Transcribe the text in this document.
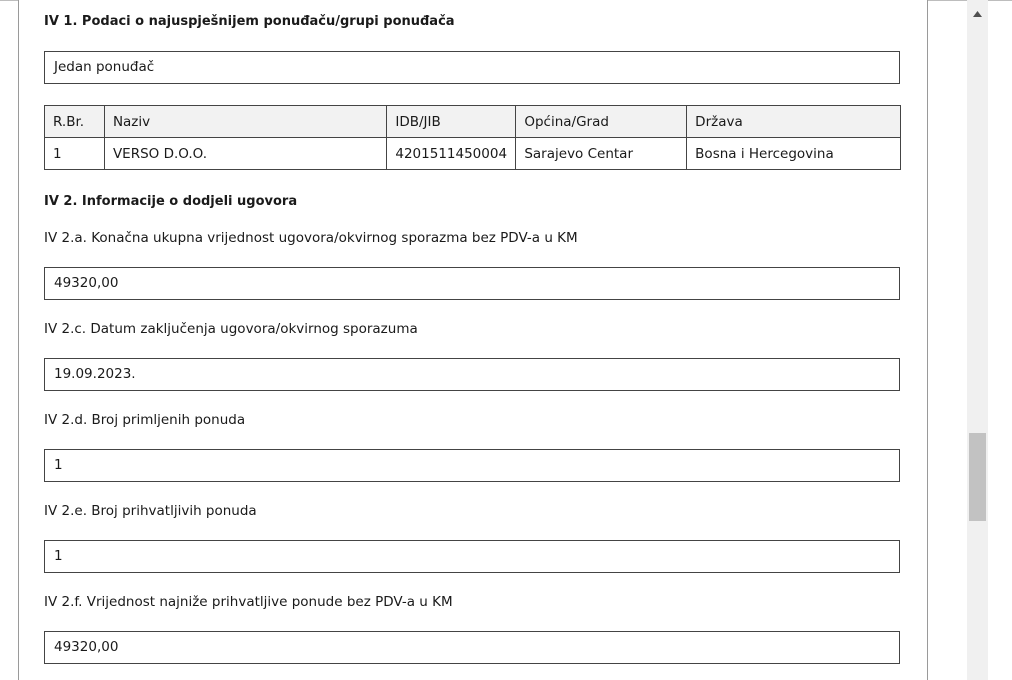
IV 1. Podaci o najuspješnijem ponuđaču/grupi ponuđača
Jedan ponuđač
R.Br.	Naziv	IDB/JIB	Općina/Grad	Država
1	VERSO D.O.O.	4201511450004	Sarajevo Centar	Bosna i Hercegovina
IV 2. Informacije o dodjeli ugovora
IV 2.a. Konačna ukupna vrijednost ugovora/okvirnog sporazma bez PDV-a u KM
49320,00
IV 2.c. Datum zaključenja ugovora/okvirnog sporazuma
19.09.2023.
IV 2.d. Broj primljenih ponuda
1
IV 2.e. Broj prihvatljivih ponuda
1
IV 2.f. Vrijednost najniže prihvatljive ponude bez PDV-a u KM
49320,00
